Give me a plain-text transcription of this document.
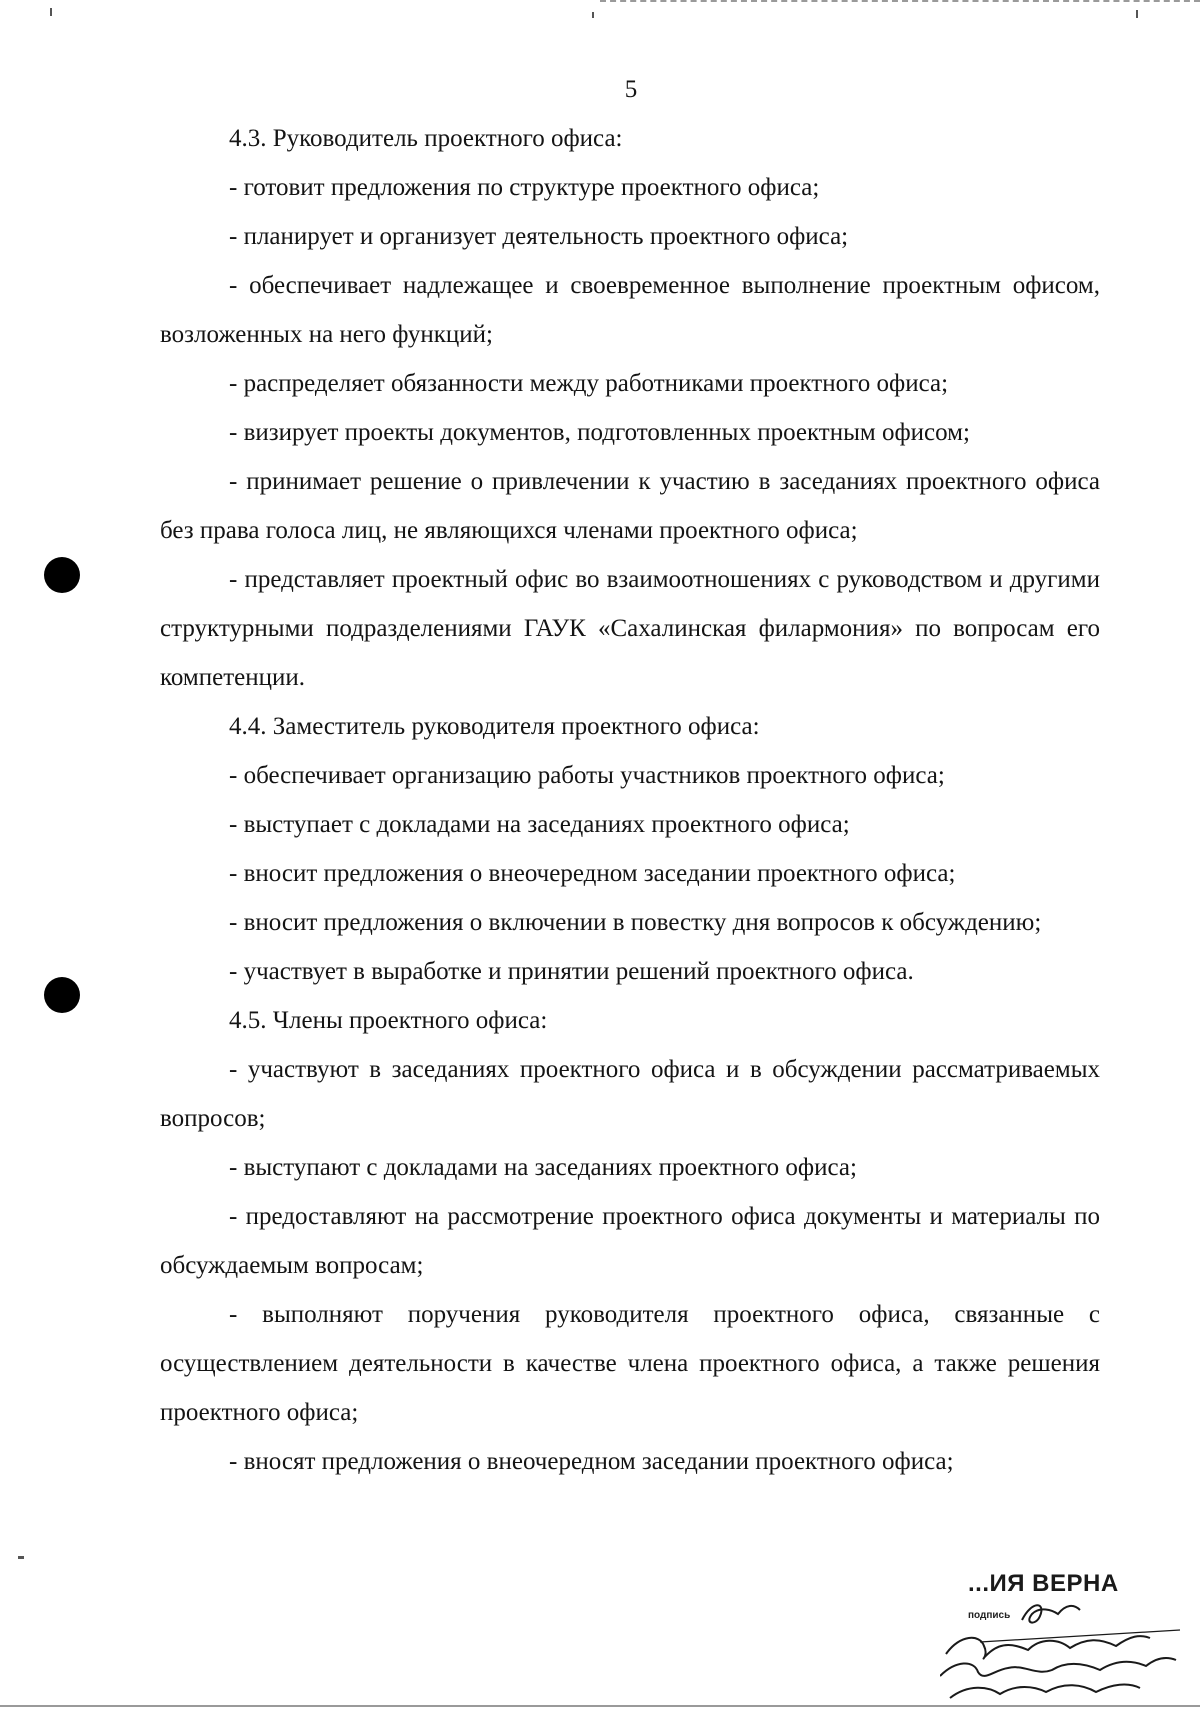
5

4.3. Руководитель проектного офиса:

- готовит предложения по структуре проектного офиса;

- планирует и организует деятельность проектного офиса;

- обеспечивает надлежащее и своевременное выполнение проектным офисом, возложенных на него функций;

- распределяет обязанности между работниками проектного офиса;

- визирует проекты документов, подготовленных проектным офисом;

- принимает решение о привлечении к участию в заседаниях проектного офиса без права голоса лиц, не являющихся членами проектного офиса;

- представляет проектный офис во взаимоотношениях с руководством и другими структурными подразделениями ГАУК «Сахалинская филармония» по вопросам его компетенции.

4.4. Заместитель руководителя проектного офиса:

- обеспечивает организацию работы участников проектного офиса;

- выступает с докладами на заседаниях проектного офиса;

- вносит предложения о внеочередном заседании проектного офиса;

- вносит предложения о включении в повестку дня вопросов к обсуждению;

- участвует в выработке и принятии решений проектного офиса.

4.5. Члены проектного офиса:

- участвуют в заседаниях проектного офиса и в обсуждении рассматриваемых вопросов;

- выступают с докладами на заседаниях проектного офиса;

- предоставляют на рассмотрение проектного офиса документы и материалы по обсуждаемым вопросам;

- выполняют поручения руководителя проектного офиса, связанные с осуществлением деятельности в качестве члена проектного офиса, а также решения проектного офиса;

- вносят предложения о внеочередном заседании проектного офиса;

...ИЯ ВЕРНА
подпись
